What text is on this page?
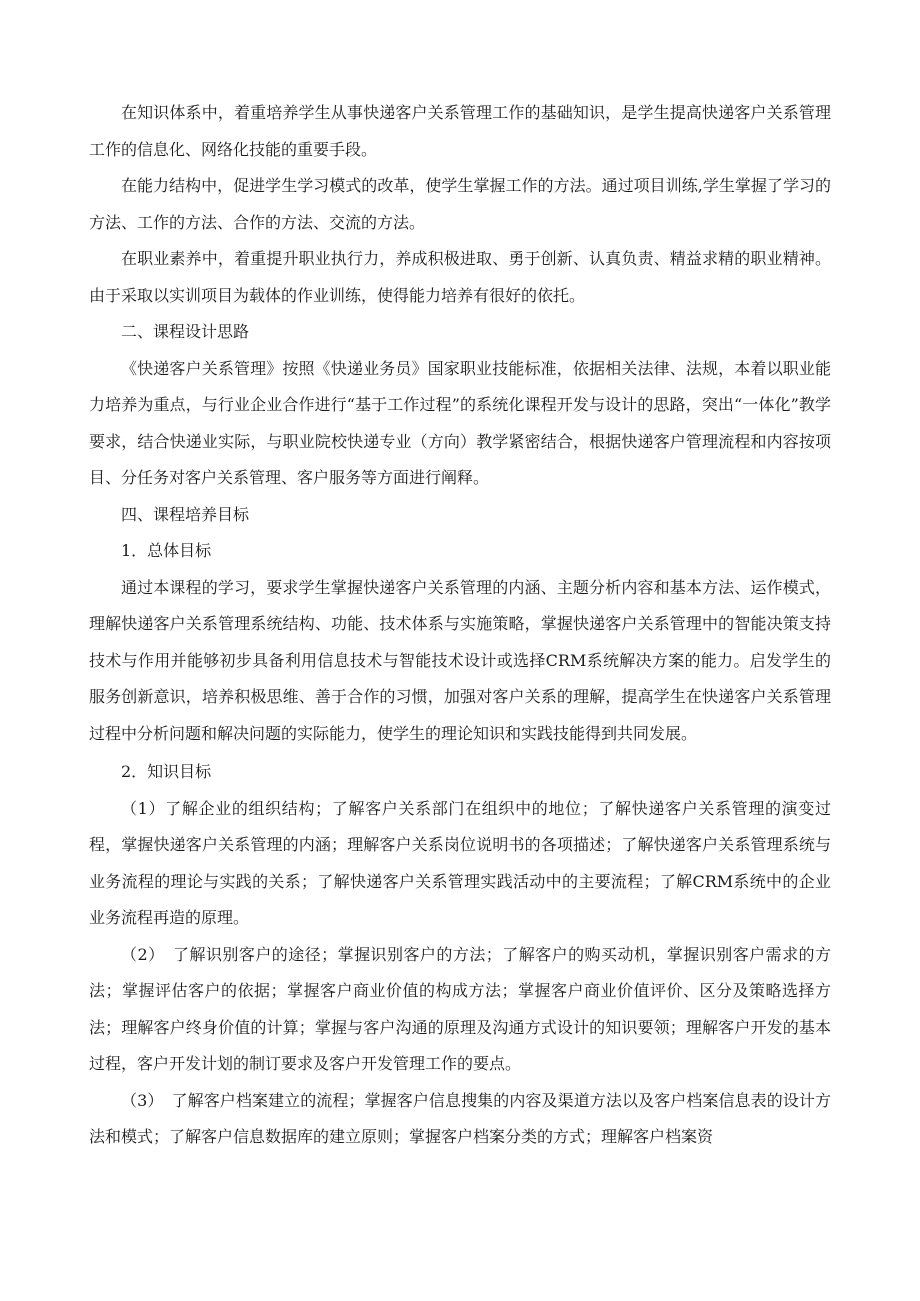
在知识体系中，着重培养学生从事快递客户关系管理工作的基础知识，是学生提高快递客户关系管理工作的信息化、网络化技能的重要手段。

在能力结构中，促进学生学习模式的改革，使学生掌握工作的方法。通过项目训练,学生掌握了学习的方法、工作的方法、合作的方法、交流的方法。

在职业素养中，着重提升职业执行力，养成积极进取、勇于创新、认真负责、精益求精的职业精神。由于采取以实训项目为载体的作业训练，使得能力培养有很好的依托。

二、课程设计思路

《快递客户关系管理》按照《快递业务员》国家职业技能标准，依据相关法律、法规，本着以职业能力培养为重点，与行业企业合作进行“基于工作过程”的系统化课程开发与设计的思路，突出“一体化”教学要求，结合快递业实际，与职业院校快递专业（方向）教学紧密结合，根据快递客户管理流程和内容按项目、分任务对客户关系管理、客户服务等方面进行阐释。

四、课程培养目标

1．总体目标

通过本课程的学习，要求学生掌握快递客户关系管理的内涵、主题分析内容和基本方法、运作模式，理解快递客户关系管理系统结构、功能、技术体系与实施策略，掌握快递客户关系管理中的智能决策支持技术与作用并能够初步具备利用信息技术与智能技术设计或选择CRM系统解决方案的能力。启发学生的服务创新意识，培养积极思维、善于合作的习惯，加强对客户关系的理解，提高学生在快递客户关系管理过程中分析问题和解决问题的实际能力，使学生的理论知识和实践技能得到共同发展。

2．知识目标

（1）了解企业的组织结构；了解客户关系部门在组织中的地位；了解快递客户关系管理的演变过程，掌握快递客户关系管理的内涵；理解客户关系岗位说明书的各项描述；了解快递客户关系管理系统与业务流程的理论与实践的关系；了解快递客户关系管理实践活动中的主要流程；了解CRM系统中的企业业务流程再造的原理。

（2）　了解识别客户的途径；掌握识别客户的方法；了解客户的购买动机，掌握识别客户需求的方法；掌握评估客户的依据；掌握客户商业价值的构成方法；掌握客户商业价值评价、区分及策略选择方法；理解客户终身价值的计算；掌握与客户沟通的原理及沟通方式设计的知识要领；理解客户开发的基本过程，客户开发计划的制订要求及客户开发管理工作的要点。

（3）　了解客户档案建立的流程；掌握客户信息搜集的内容及渠道方法以及客户档案信息表的设计方法和模式；了解客户信息数据库的建立原则；掌握客户档案分类的方式；理解客户档案资
